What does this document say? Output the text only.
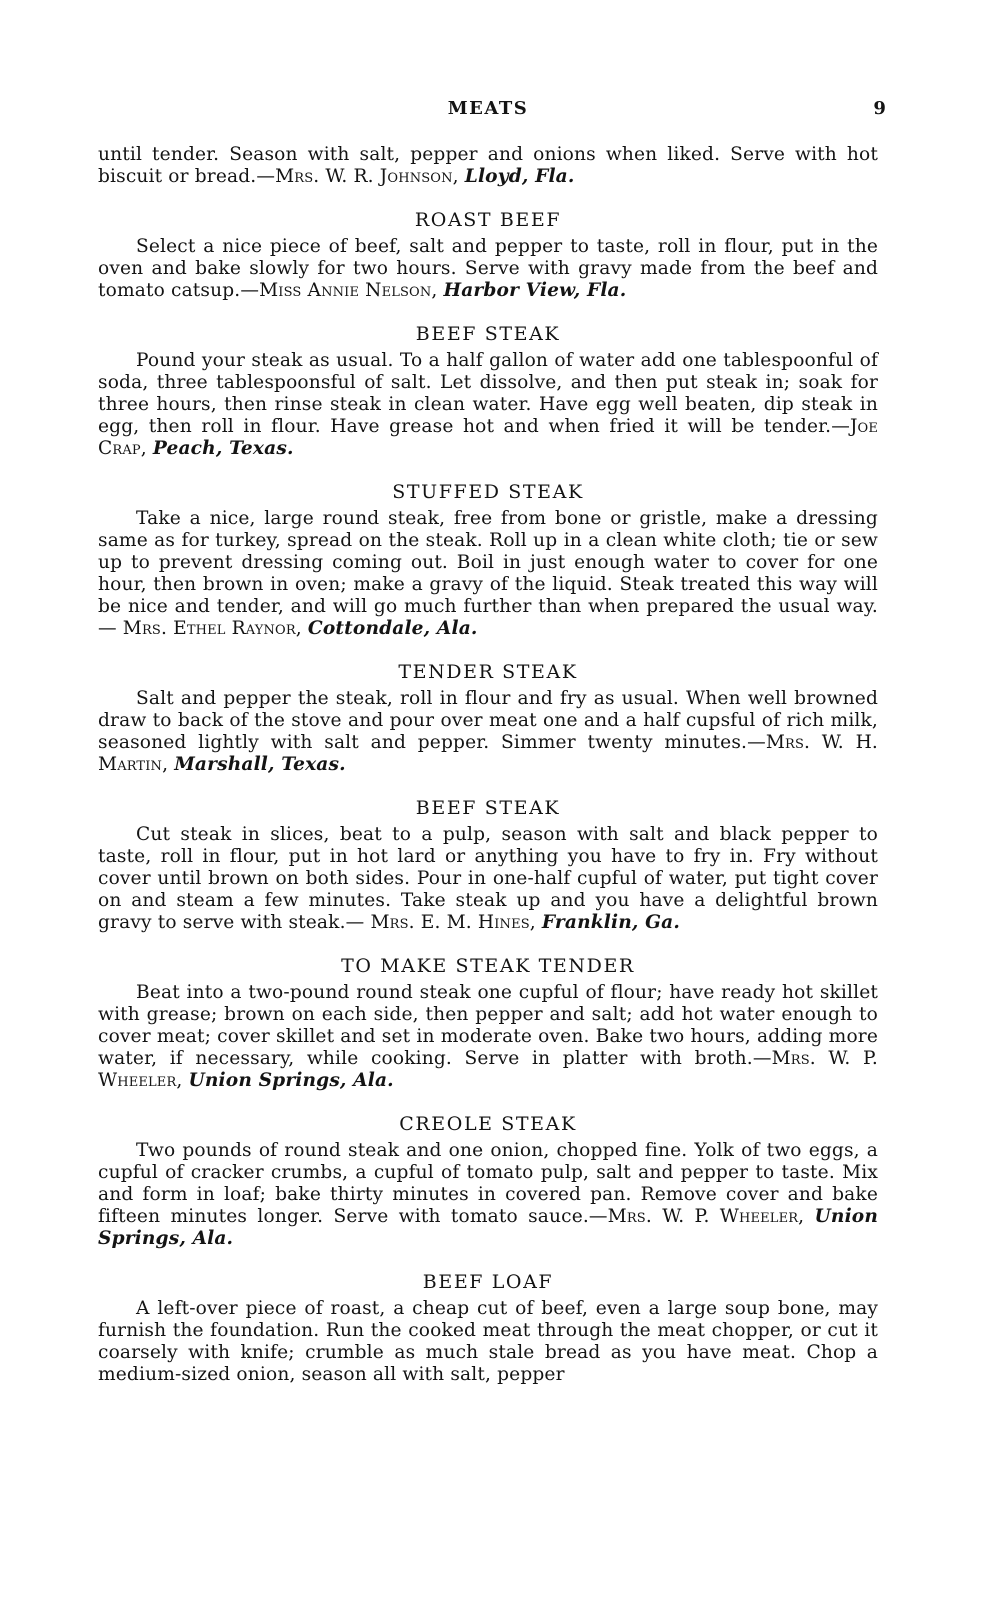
MEATS	9

until tender. Season with salt, pepper and onions when liked. Serve with hot biscuit or bread.—Mrs. W. R. Johnson, Lloyd, Fla.

ROAST BEEF

Select a nice piece of beef, salt and pepper to taste, roll in flour, put in the oven and bake slowly for two hours. Serve with gravy made from the beef and tomato catsup.—Miss Annie Nelson, Harbor View, Fla.

BEEF STEAK

Pound your steak as usual. To a half gallon of water add one tablespoonful of soda, three tablespoonsful of salt. Let dissolve, and then put steak in; soak for three hours, then rinse steak in clean water. Have egg well beaten, dip steak in egg, then roll in flour. Have grease hot and when fried it will be tender.—Joe Crap, Peach, Texas.

STUFFED STEAK

Take a nice, large round steak, free from bone or gristle, make a dressing same as for turkey, spread on the steak. Roll up in a clean white cloth; tie or sew up to prevent dressing coming out. Boil in just enough water to cover for one hour, then brown in oven; make a gravy of the liquid. Steak treated this way will be nice and tender, and will go much further than when prepared the usual way. — Mrs. Ethel Raynor, Cottondale, Ala.

TENDER STEAK

Salt and pepper the steak, roll in flour and fry as usual. When well browned draw to back of the stove and pour over meat one and a half cupsful of rich milk, seasoned lightly with salt and pepper. Simmer twenty minutes.—Mrs. W. H. Martin, Marshall, Texas.

BEEF STEAK

Cut steak in slices, beat to a pulp, season with salt and black pepper to taste, roll in flour, put in hot lard or anything you have to fry in. Fry without cover until brown on both sides. Pour in one-half cupful of water, put tight cover on and steam a few minutes. Take steak up and you have a delightful brown gravy to serve with steak.— Mrs. E. M. Hines, Franklin, Ga.

TO MAKE STEAK TENDER

Beat into a two-pound round steak one cupful of flour; have ready hot skillet with grease; brown on each side, then pepper and salt; add hot water enough to cover meat; cover skillet and set in moderate oven. Bake two hours, adding more water, if necessary, while cooking. Serve in platter with broth.—Mrs. W. P. Wheeler, Union Springs, Ala.

CREOLE STEAK

Two pounds of round steak and one onion, chopped fine. Yolk of two eggs, a cupful of cracker crumbs, a cupful of tomato pulp, salt and pepper to taste. Mix and form in loaf; bake thirty minutes in covered pan. Remove cover and bake fifteen minutes longer. Serve with tomato sauce.—Mrs. W. P. Wheeler, Union Springs, Ala.

BEEF LOAF

A left-over piece of roast, a cheap cut of beef, even a large soup bone, may furnish the foundation. Run the cooked meat through the meat chopper, or cut it coarsely with knife; crumble as much stale bread as you have meat. Chop a medium-sized onion, season all with salt, pepper
